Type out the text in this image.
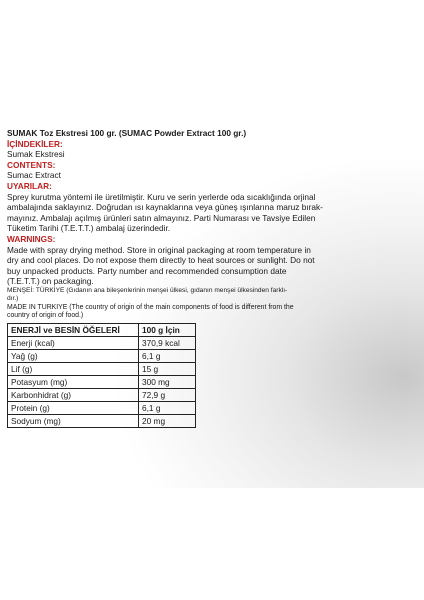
SUMAK Toz Ekstresi 100 gr. (SUMAC Powder Extract 100 gr.)
İÇİNDEKİLER:
Sumak Ekstresi
CONTENTS:
Sumac Extract
UYARILAR:
Sprey kurutma yöntemi ile üretilmiştir. Kuru ve serin yerlerde oda sıcaklığında orjinal
ambalajında saklayınız. Doğrudan ısı kaynaklarına veya güneş ışınlarına maruz bırak-
mayınız. Ambalajı açılmış ürünleri satın almayınız. Parti Numarası ve Tavsiye Edilen
Tüketim Tarihi (T.E.T.T.) ambalaj üzerindedir.
WARNINGS:
Made with spray drying method. Store in original packaging at room temperature in
dry and cool places. Do not expose them directly to heat sources or sunlight. Do not
buy unpacked products. Party number and recommended consumption date
(T.E.T.T.) on packaging.
MENŞEİ: TÜRKİYE (Gıdanın ana bileşenlerinin menşei ülkesi, gıdanın menşei ülkesinden farklı-
dır.)
MADE IN TURKIYE (The country of origin of the main components of food is different from the
country of origin of food.)
ENERJİ ve BESİN ÖĞELERİ	100 g İçin
Enerji (kcal)	370,9 kcal
Yağ (g)	6,1 g
Lif (g)	15 g
Potasyum (mg)	300 mg
Karbonhidrat (g)	72,9 g
Protein (g)	6,1 g
Sodyum (mg)	20 mg
